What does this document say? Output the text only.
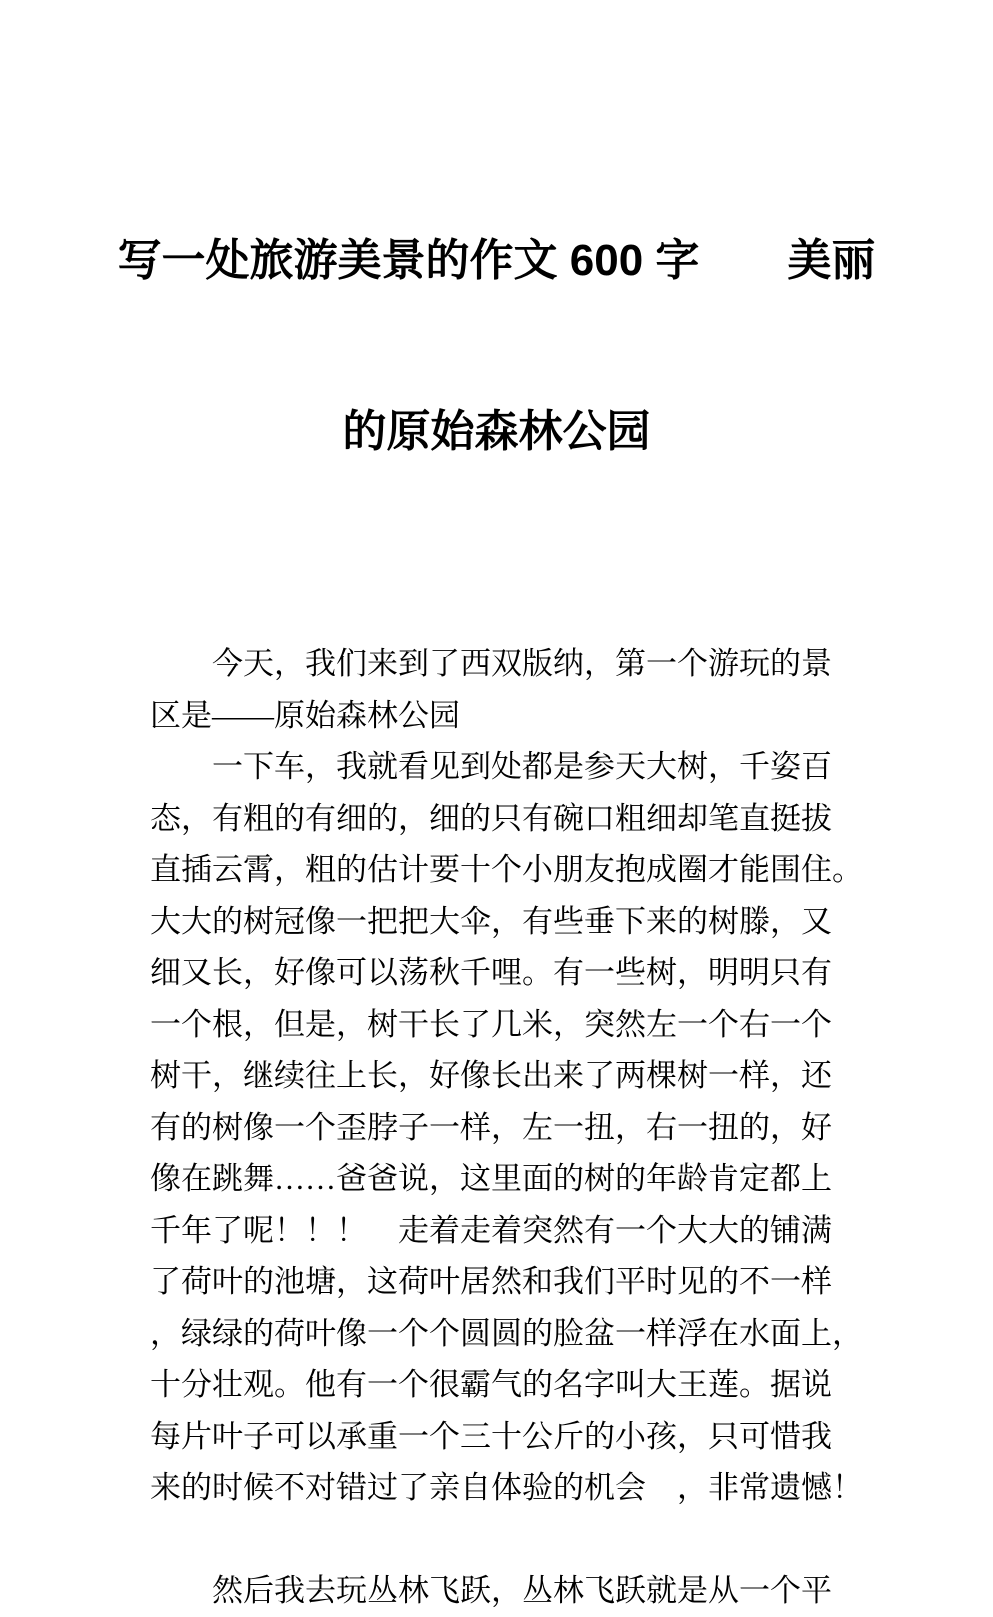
写一处旅游美景的作文 600 字　　美丽

的原始森林公园

　　今天，我们来到了西双版纳，第一个游玩的景
区是——原始森林公园
　　一下车，我就看见到处都是参天大树，千姿百
态，有粗的有细的，细的只有碗口粗细却笔直挺拔
直插云霄，粗的估计要十个小朋友抱成圈才能围住。
大大的树冠像一把把大伞，有些垂下来的树滕，又
细又长，好像可以荡秋千哩。有一些树，明明只有
一个根，但是，树干长了几米，突然左一个右一个
树干，继续往上长，好像长出来了两棵树一样，还
有的树像一个歪脖子一样，左一扭，右一扭的，好
像在跳舞……爸爸说，这里面的树的年龄肯定都上
千年了呢！！！　走着走着突然有一个大大的铺满
了荷叶的池塘，这荷叶居然和我们平时见的不一样
，绿绿的荷叶像一个个圆圆的脸盆一样浮在水面上，
十分壮观。他有一个很霸气的名字叫大王莲。据说
每片叶子可以承重一个三十公斤的小孩，只可惜我
来的时候不对错过了亲自体验的机会　，非常遗憾！
　　然后我去玩丛林飞跃，丛林飞跃就是从一个平
